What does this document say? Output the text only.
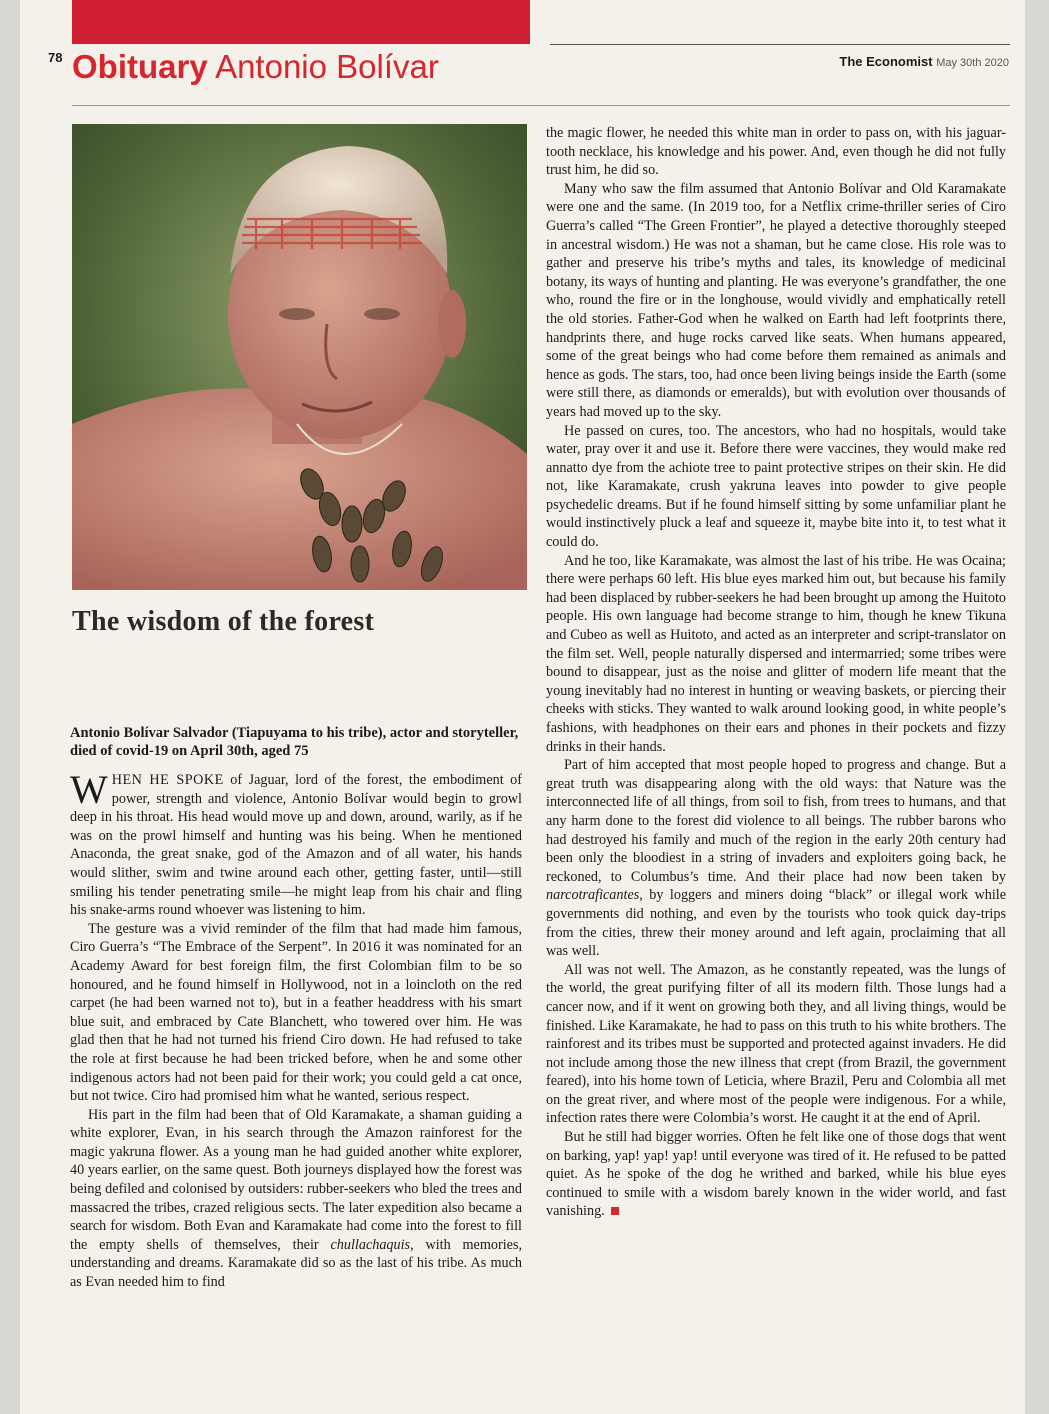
78 Obituary Antonio Bolívar	The Economist May 30th 2020
The wisdom of the forest
Antonio Bolívar Salvador (Tiapuyama to his tribe), actor and storyteller, died of covid-19 on April 30th, aged 75

WHEN HE SPOKE of Jaguar, lord of the forest, the embodiment of power, strength and violence, Antonio Bolívar would begin to growl deep in his throat. His head would move up and down, around, warily, as if he was on the prowl himself and hunting was his being. When he mentioned Anaconda, the great snake, god of the Amazon and of all water, his hands would slither, swim and twine around each other, getting faster, until—still smiling his tender penetrating smile—he might leap from his chair and fling his snake-arms round whoever was listening to him.

The gesture was a vivid reminder of the film that had made him famous, Ciro Guerra’s “The Embrace of the Serpent”. In 2016 it was nominated for an Academy Award for best foreign film, the first Colombian film to be so honoured, and he found himself in Hollywood, not in a loincloth on the red carpet (he had been warned not to), but in a feather headdress with his smart blue suit, and embraced by Cate Blanchett, who towered over him. He was glad then that he had not turned his friend Ciro down. He had refused to take the role at first because he had been tricked before, when he and some other indigenous actors had not been paid for their work; you could geld a cat once, but not twice. Ciro had promised him what he wanted, serious respect.

His part in the film had been that of Old Karamakate, a shaman guiding a white explorer, Evan, in his search through the Amazon rainforest for the magic yakruna flower. As a young man he had guided another white explorer, 40 years earlier, on the same quest. Both journeys displayed how the forest was being defiled and colonised by outsiders: rubber-seekers who bled the trees and massacred the tribes, crazed religious sects. The later expedition also became a search for wisdom. Both Evan and Karamakate had come into the forest to fill the empty shells of themselves, their chullachaquis, with memories, understanding and dreams. Karamakate did so as the last of his tribe. As much as Evan needed him to find

the magic flower, he needed this white man in order to pass on, with his jaguar-tooth necklace, his knowledge and his power. And, even though he did not fully trust him, he did so.

Many who saw the film assumed that Antonio Bolívar and Old Karamakate were one and the same. (In 2019 too, for a Netflix crime-thriller series of Ciro Guerra’s called “The Green Frontier”, he played a detective thoroughly steeped in ancestral wisdom.) He was not a shaman, but he came close. His role was to gather and preserve his tribe’s myths and tales, its knowledge of medicinal botany, its ways of hunting and planting. He was everyone’s grandfather, the one who, round the fire or in the longhouse, would vividly and emphatically retell the old stories. Father-God when he walked on Earth had left footprints there, handprints there, and huge rocks carved like seats. When humans appeared, some of the great beings who had come before them remained as animals and hence as gods. The stars, too, had once been living beings inside the Earth (some were still there, as diamonds or emeralds), but with evolution over thousands of years had moved up to the sky.

He passed on cures, too. The ancestors, who had no hospitals, would take water, pray over it and use it. Before there were vaccines, they would make red annatto dye from the achiote tree to paint protective stripes on their skin. He did not, like Karamakate, crush yakruna leaves into powder to give people psychedelic dreams. But if he found himself sitting by some unfamiliar plant he would instinctively pluck a leaf and squeeze it, maybe bite into it, to test what it could do.

And he too, like Karamakate, was almost the last of his tribe. He was Ocaina; there were perhaps 60 left. His blue eyes marked him out, but because his family had been displaced by rubber-seekers he had been brought up among the Huitoto people. His own language had become strange to him, though he knew Tikuna and Cubeo as well as Huitoto, and acted as an interpreter and script-translator on the film set. Well, people naturally dispersed and intermarried; some tribes were bound to disappear, just as the noise and glitter of modern life meant that the young inevitably had no interest in hunting or weaving baskets, or piercing their cheeks with sticks. They wanted to walk around looking good, in white people’s fashions, with headphones on their ears and phones in their pockets and fizzy drinks in their hands.

Part of him accepted that most people hoped to progress and change. But a great truth was disappearing along with the old ways: that Nature was the interconnected life of all things, from soil to fish, from trees to humans, and that any harm done to the forest did violence to all beings. The rubber barons who had destroyed his family and much of the region in the early 20th century had been only the bloodiest in a string of invaders and exploiters going back, he reckoned, to Columbus’s time. And their place had now been taken by narcotraficantes, by loggers and miners doing “black” or illegal work while governments did nothing, and even by the tourists who took quick day-trips from the cities, threw their money around and left again, proclaiming that all was well.

All was not well. The Amazon, as he constantly repeated, was the lungs of the world, the great purifying filter of all its modern filth. Those lungs had a cancer now, and if it went on growing both they, and all living things, would be finished. Like Karamakate, he had to pass on this truth to his white brothers. The rainforest and its tribes must be supported and protected against invaders. He did not include among those the new illness that crept (from Brazil, the government feared), into his home town of Leticia, where Brazil, Peru and Colombia all met on the great river, and where most of the people were indigenous. For a while, infection rates there were Colombia’s worst. He caught it at the end of April.

But he still had bigger worries. Often he felt like one of those dogs that went on barking, yap! yap! yap! until everyone was tired of it. He refused to be patted quiet. As he spoke of the dog he writhed and barked, while his blue eyes continued to smile with a wisdom barely known in the wider world, and fast vanishing.
